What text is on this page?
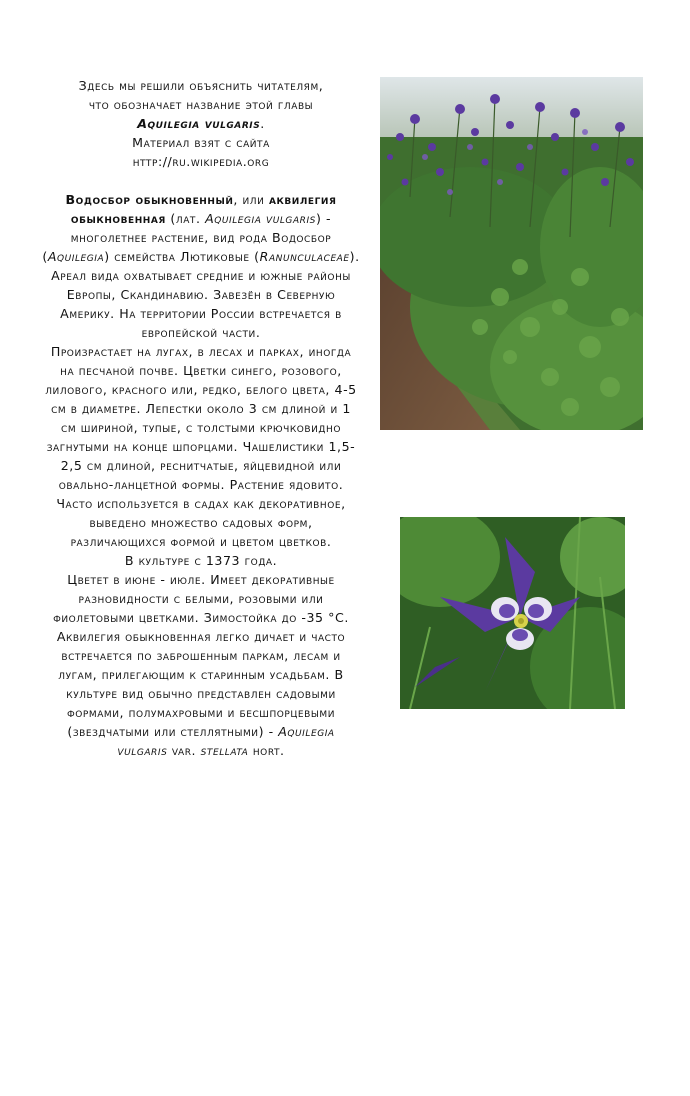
Здесь мы решили объяснить читателям,
что обозначает название этой главы
Aquilegia vulgaris.
Материал взят с сайта
http://ru.wikipedia.org

Водосбор обыкновенный, или аквилегия обыкновенная (лат. Aquilegia vulgaris) - многолетнее растение, вид рода Водосбор (Aquilegia) семейства Лютиковые (Ranunculaceae).

Ареал вида охватывает средние и южные районы Европы, Скандинавию. Завезён в Северную Америку. На территории России встречается в европейской части.

Произрастает на лугах, в лесах и парках, иногда на песчаной почве. Цветки синего, розового, лилового, красного или, редко, белого цвета, 4-5 см в диаметре. Лепестки около 3 см длиной и 1 см шириной, тупые, с толстыми крючковидно загнутыми на конце шпорцами. Чашелистики 1,5-2,5 см длиной, реснитчатые, яйцевидной или овально-ланцетной формы. Растение ядовито. Часто используется в садах как декоративное, выведено множество садовых форм, различающихся формой и цветом цветков.

В культуре с 1373 года.

Цветет в июне - июле. Имеет декоративные разновидности с белыми, розовыми или фиолетовыми цветками. Зимостойка до -35 °С. Аквилегия обыкновенная легко дичает и часто встречается по заброшенным паркам, лесам и лугам, прилегающим к старинным усадьбам. В культуре вид обычно представлен садовыми формами, полумахровыми и бесшпорцевыми (звездчатыми или стеллятными) - Aquilegia vulgaris var. stellata hort.
